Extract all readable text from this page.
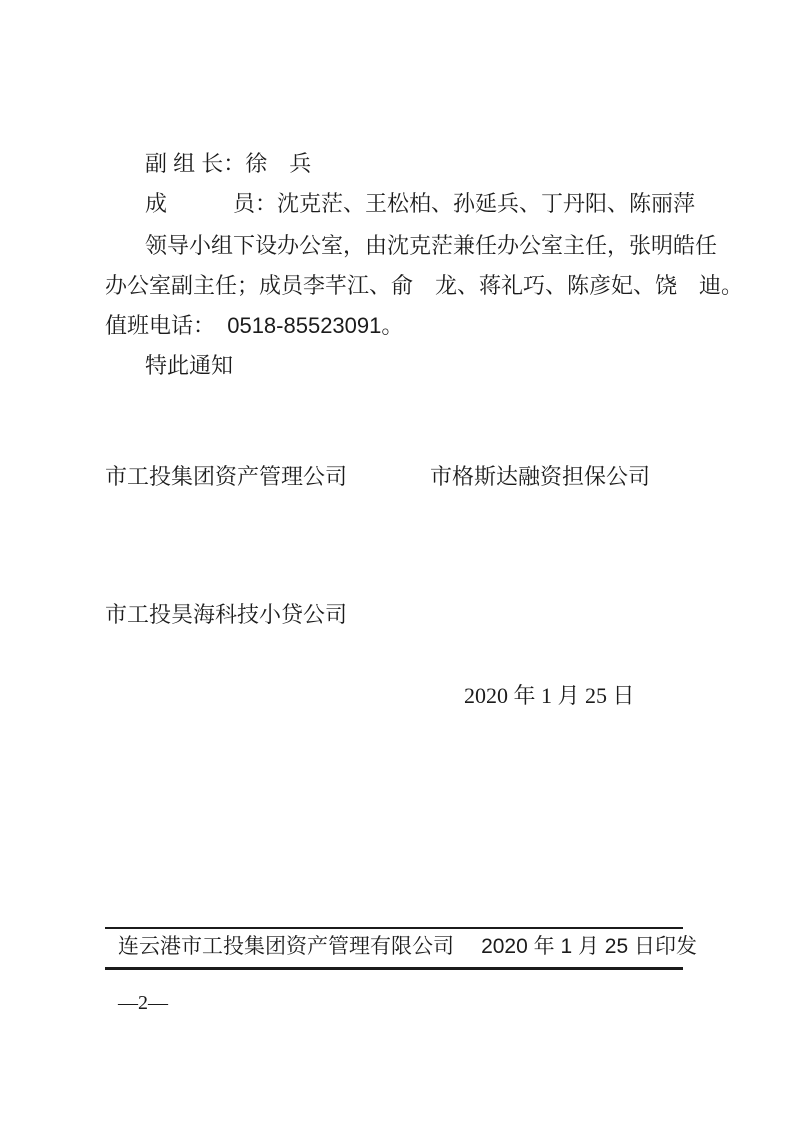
副 组 长：徐　兵
成　　　员：沈克茫、王松柏、孙延兵、丁丹阳、陈丽萍
领导小组下设办公室，由沈克茫兼任办公室主任，张明皓任
办公室副主任；成员李芊江、俞　龙、蒋礼巧、陈彦妃、饶　迪。
值班电话：  0518-85523091。
特此通知
市工投集团资产管理公司	市格斯达融资担保公司
市工投昊海科技小贷公司
2020 年 1 月 25 日
连云港市工投集团资产管理有限公司 2020 年 1 月 25 日印发
—2—
